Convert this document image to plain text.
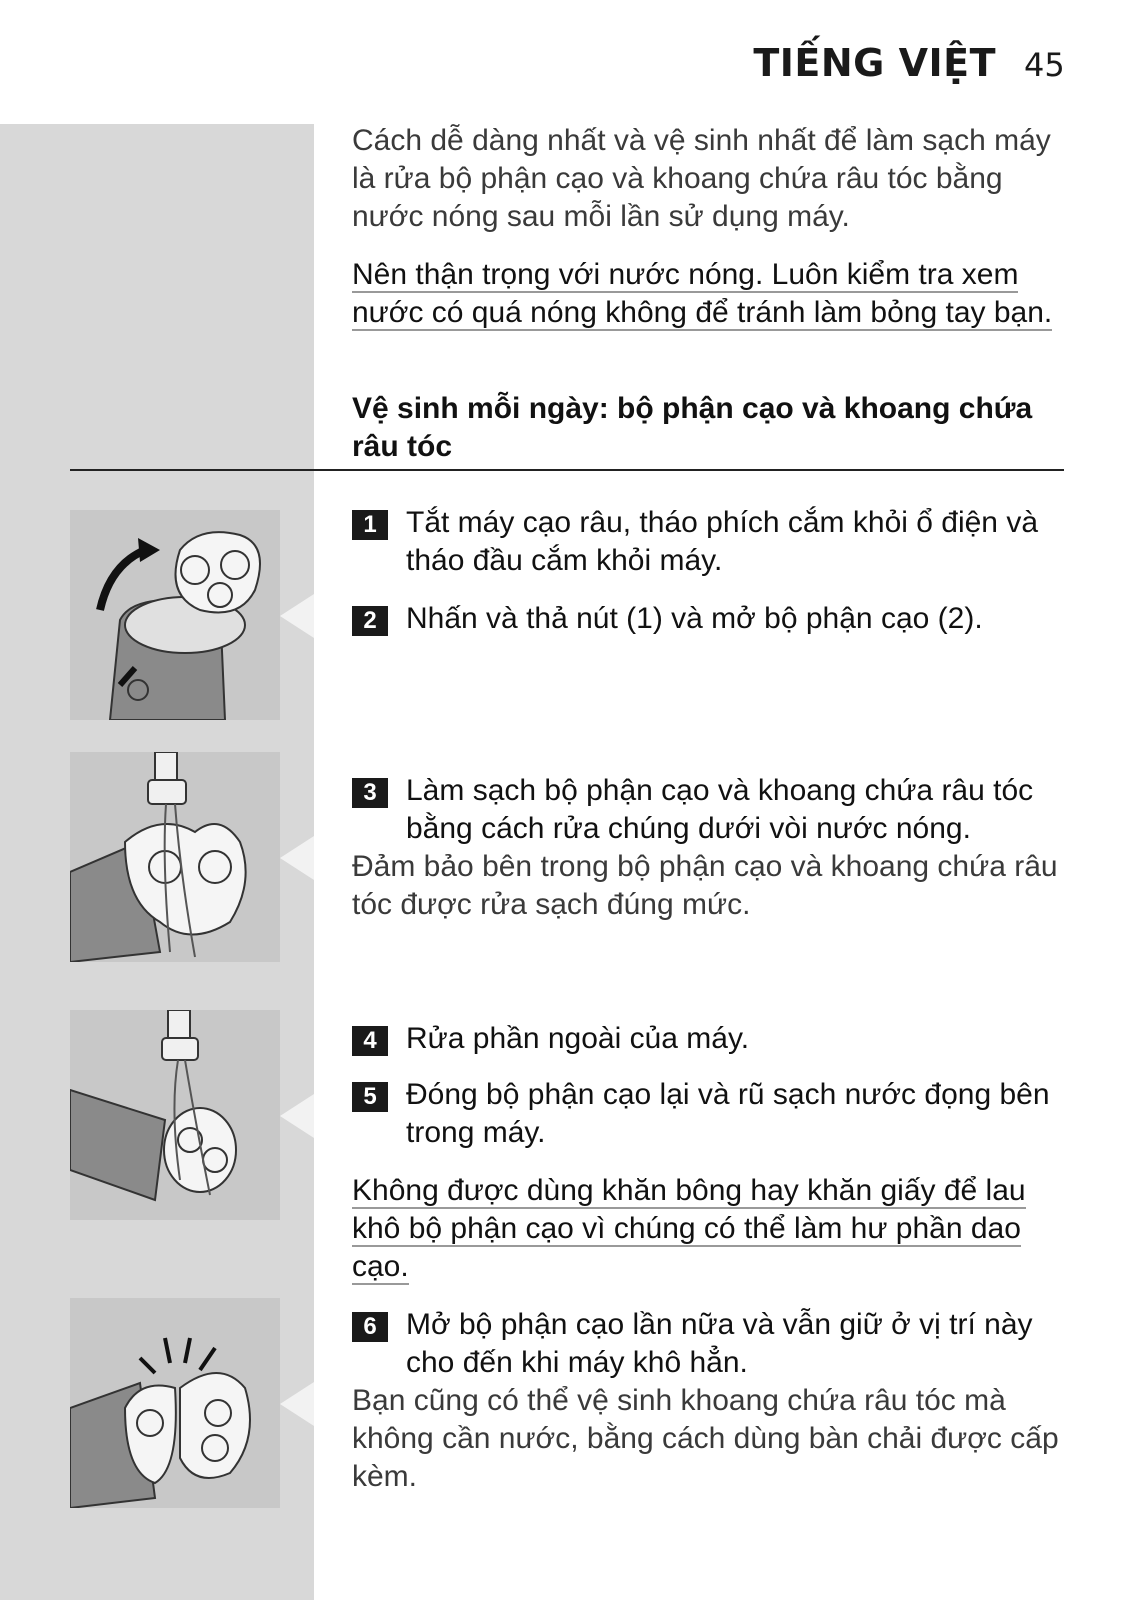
TIẾNG VIỆT 45
Cách dễ dàng nhất và vệ sinh nhất để làm sạch máy là rửa bộ phận cạo và khoang chứa râu tóc bằng nước nóng sau mỗi lần sử dụng máy.
Nên thận trọng với nước nóng. Luôn kiểm tra xem nước có quá nóng không để tránh làm bỏng tay bạn.
Vệ sinh mỗi ngày: bộ phận cạo và khoang chứa râu tóc
1 Tắt máy cạo râu, tháo phích cắm khỏi ổ điện và tháo đầu cắm khỏi máy.
2 Nhấn và thả nút (1) và mở bộ phận cạo (2).
3 Làm sạch bộ phận cạo và khoang chứa râu tóc bằng cách rửa chúng dưới vòi nước nóng.
Đảm bảo bên trong bộ phận cạo và khoang chứa râu tóc được rửa sạch đúng mức.
4 Rửa phần ngoài của máy.
5 Đóng bộ phận cạo lại và rũ sạch nước đọng bên trong máy.
Không được dùng khăn bông hay khăn giấy để lau khô bộ phận cạo vì chúng có thể làm hư phần dao cạo.
6 Mở bộ phận cạo lần nữa và vẫn giữ ở vị trí này cho đến khi máy khô hẳn.
Bạn cũng có thể vệ sinh khoang chứa râu tóc mà không cần nước, bằng cách dùng bàn chải được cấp kèm.
